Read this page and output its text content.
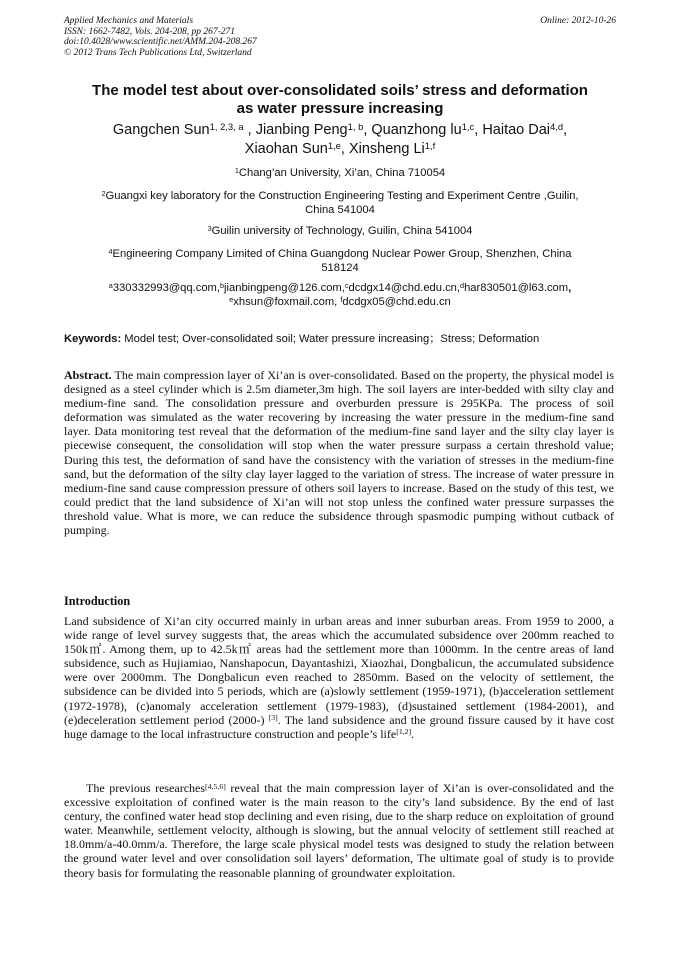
Applied Mechanics and Materials
ISSN: 1662-7482, Vols. 204-208, pp 267-271
doi:10.4028/www.scientific.net/AMM.204-208.267
© 2012 Trans Tech Publications Ltd, Switzerland
Online: 2012-10-26
The model test about over-consolidated soils’ stress and deformation
as water pressure increasing
Gangchen Sun$^{1, 2,3, a}$ , Jianbing Peng$^{1, b}$, Quanzhong lu$^{1,c}$, Haitao Dai$^{4,d}$,
Xiaohan Sun$^{1,e}$, Xinsheng Li$^{1,f}$
$^1$Chang’an University, Xi’an, China 710054
$^2$Guangxi key laboratory for the Construction Engineering Testing and Experiment Centre ,Guilin,
China 541004
$^3$Guilin university of Technology, Guilin, China 541004
$^4$Engineering Company Limited of China Guangdong Nuclear Power Group, Shenzhen, China
518124
$^a$330332993@qq.com,$^b$jianbingpeng@126.com,$^c$dcdgx14@chd.edu.cn,$^d$har830501@l63.com,
$^e$xhsun@foxmail.com, $^f$dcdgx05@chd.edu.cn
Keywords: Model test; Over-consolidated soil; Water pressure increasing；Stress; Deformation
Abstract. The main compression layer of Xi’an is over-consolidated. Based on the property, the physical model is designed as a steel cylinder which is 2.5m diameter,3m high. The soil layers are inter-bedded with silty clay and medium-fine sand. The consolidation pressure and overburden pressure is 295KPa. The process of soil deformation was simulated as the water recovering by increasing the water pressure in the medium-fine sand layer. Data monitoring test reveal that the deformation of the medium-fine sand layer and the silty clay layer is piecewise consequent, the consolidation will stop when the water pressure surpass a certain threshold value; During this test, the deformation of sand have the consistency with the variation of stresses in the medium-fine sand, but the deformation of the silty clay layer lagged to the variation of stress. The increase of water pressure in medium-fine sand cause compression pressure of others soil layers to increase. Based on the study of this test, we could predict that the land subsidence of Xi’an will not stop unless the confined water pressure surpasses the threshold value. What is more, we can reduce the subsidence through spasmodic pumping without cutback of pumping.
Introduction
Land subsidence of Xi’an city occurred mainly in urban areas and inner suburban areas. From 1959 to 2000, a wide range of level survey suggests that, the areas which the accumulated subsidence over 200mm reached to 150k㎡. Among them, up to 42.5k㎡ areas had the settlement more than 1000mm. In the centre areas of land subsidence, such as Hujiamiao, Nanshapocun, Dayantashizi, Xiaozhai, Dongbalicun, the accumulated subsidence were over 2000mm. The Dongbalicun even reached to 2850mm. Based on the velocity of settlement, the subsidence can be divided into 5 periods, which are (a)slowly settlement (1959-1971), (b)acceleration settlement (1972-1978), (c)anomaly acceleration settlement (1979-1983), (d)sustained settlement (1984-2001), and (e)deceleration settlement period (2000-) [3]. The land subsidence and the ground fissure caused by it have cost huge damage to the local infrastructure construction and people’s life[1,2].
The previous researches[4,5,6] reveal that the main compression layer of Xi’an is over-consolidated and the excessive exploitation of confined water is the main reason to the city’s land subsidence. By the end of last century, the confined water head stop declining and even rising, due to the sharp reduce on exploitation of ground water. Meanwhile, settlement velocity, although is slowing, but the annual velocity of settlement still reached at 18.0mm/a-40.0mm/a. Therefore, the large scale physical model tests was designed to study the relation between the ground water level and over consolidation soil layers’ deformation, The ultimate goal of study is to provide theory basis for formulating the reasonable planning of groundwater exploitation.
